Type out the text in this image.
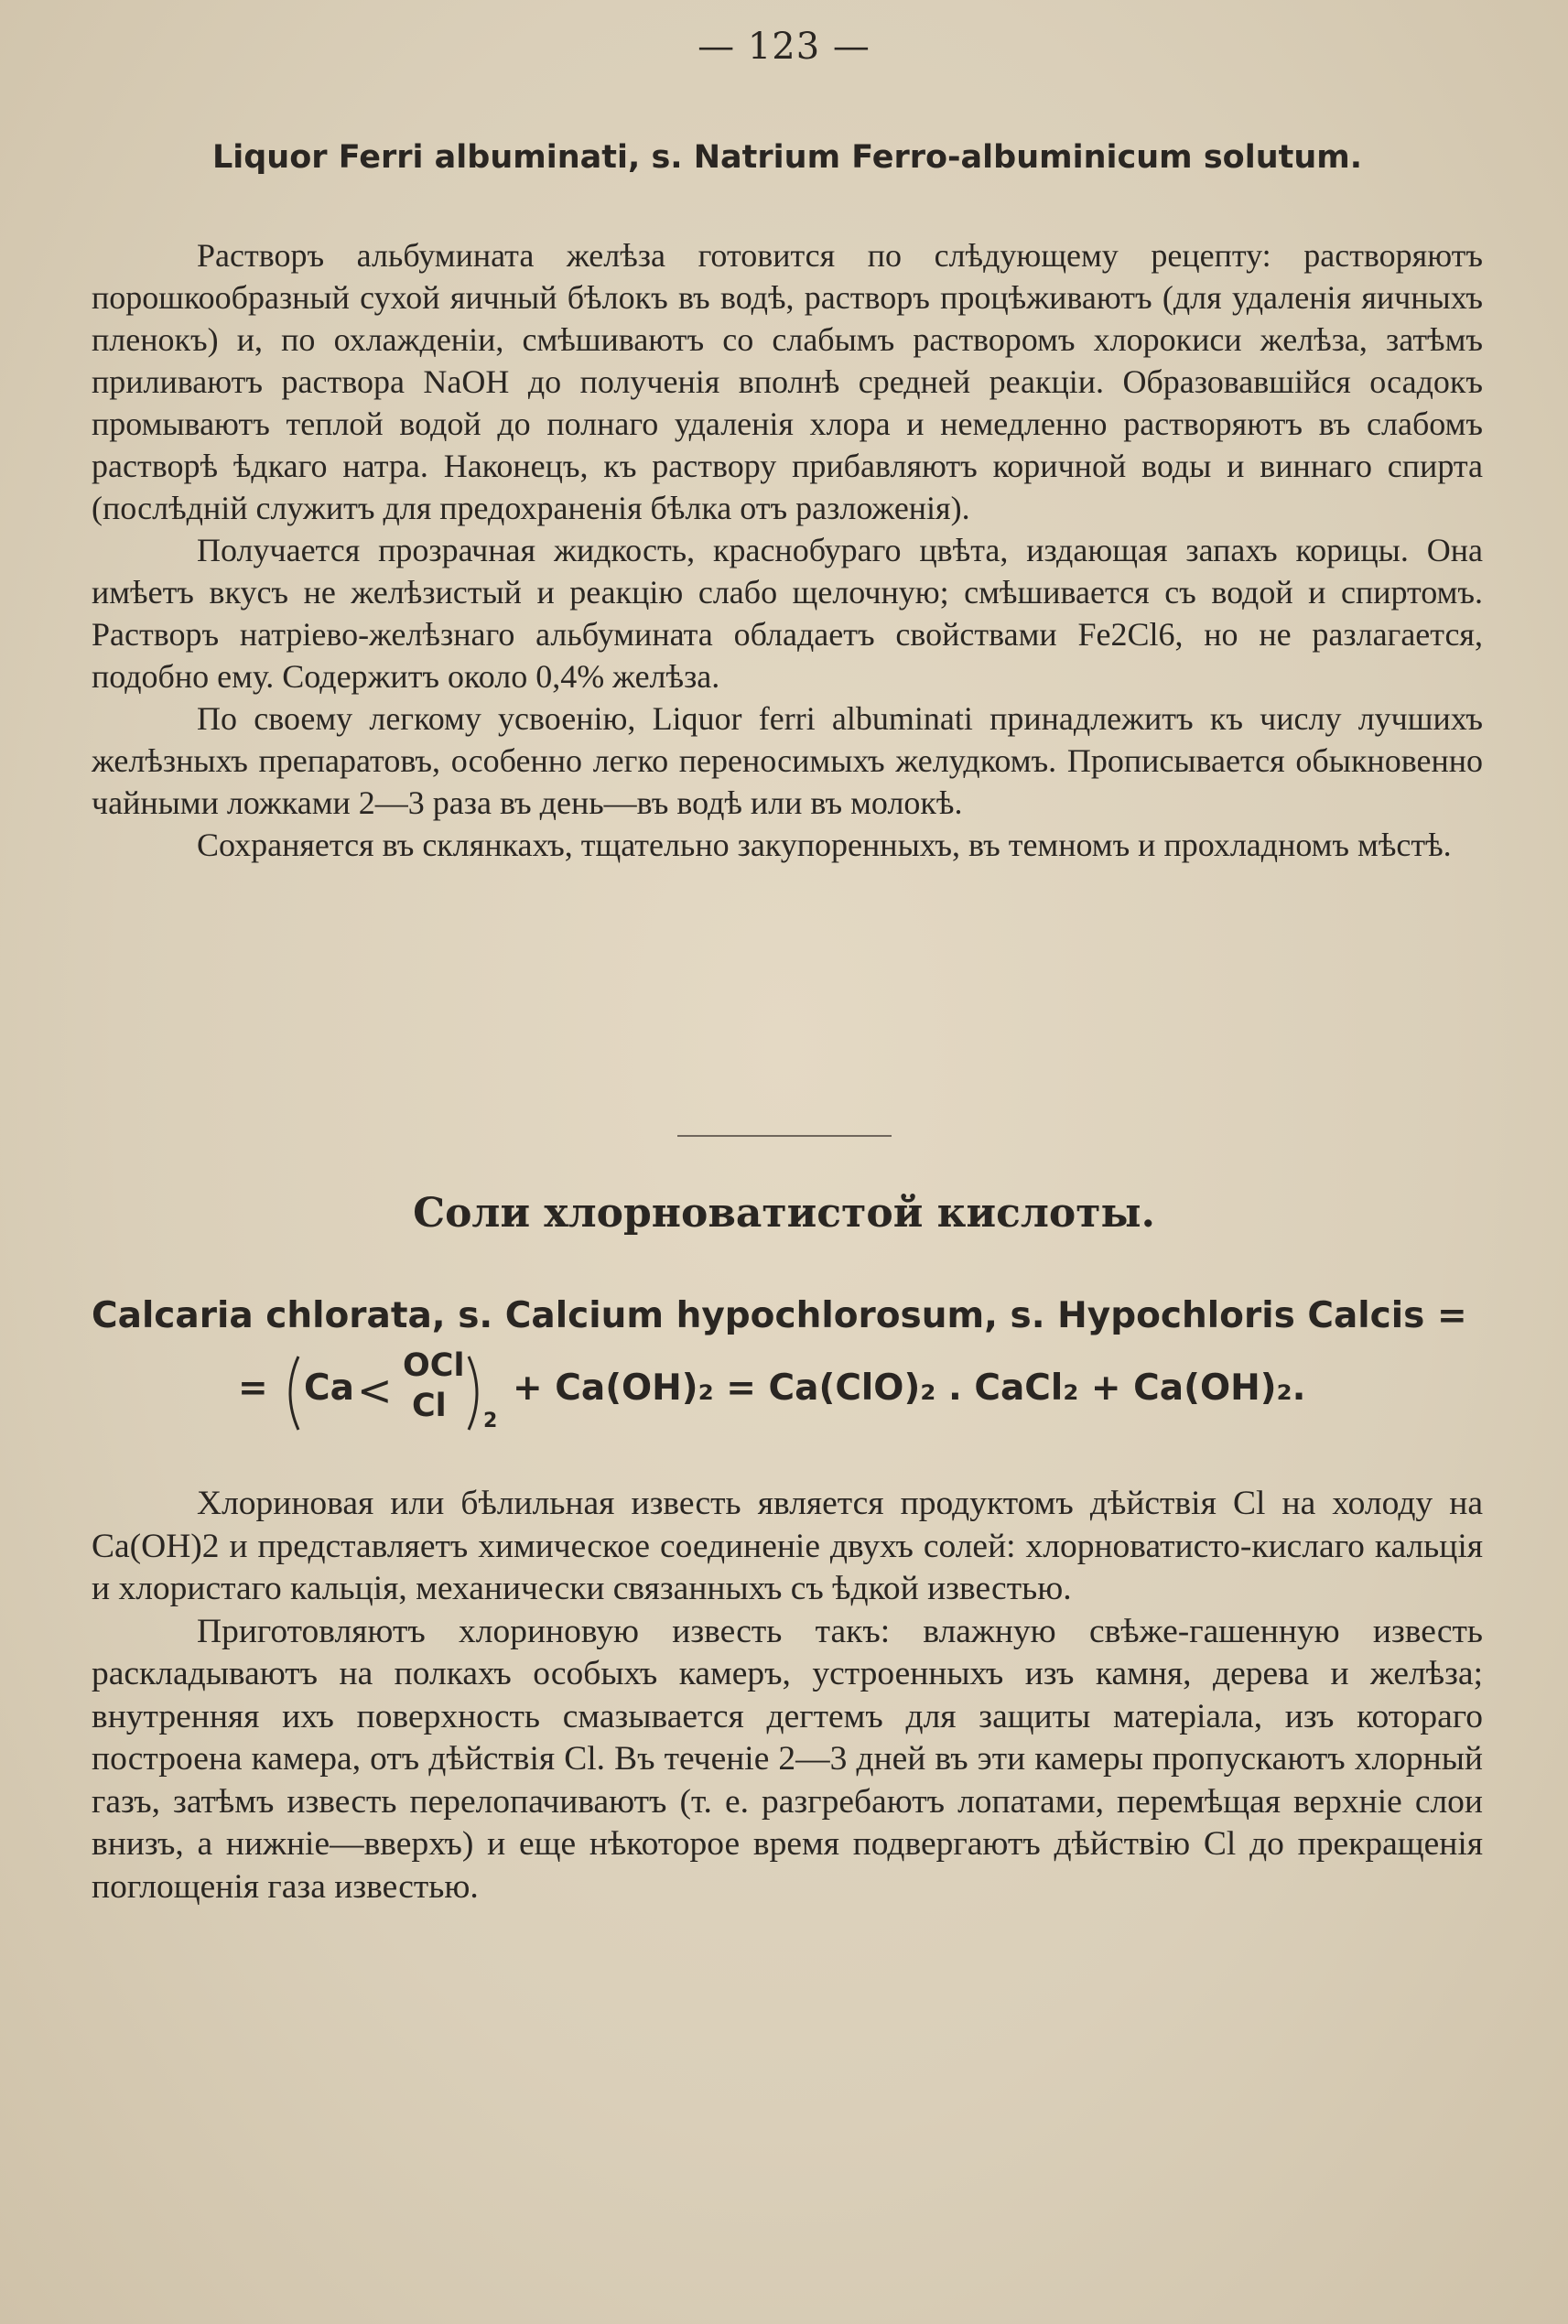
— 123 —
Liquor Ferri albuminati, s. Natrium Ferro-albuminicum solutum.

Растворъ альбумината желѣза готовится по слѣдующему рецепту: растворяютъ порошкообразный сухой яичный бѣлокъ въ водѣ, растворъ процѣживаютъ (для удаленія яичныхъ пленокъ) и, по охлажденіи, смѣшиваютъ со слабымъ растворомъ хлорокиси желѣза, затѣмъ приливаютъ раствора NaOH до полученія вполнѣ средней реакціи. Образовавшійся осадокъ промываютъ теплой водой до полнаго удаленія хлора и немедленно растворяютъ въ слабомъ растворѣ ѣдкаго натра. Наконецъ, къ раствору прибавляютъ коричной воды и виннаго спирта (послѣдній служитъ для предохраненія бѣлка отъ разложенія).

Получается прозрачная жидкость, краснобураго цвѣта, издающая запахъ корицы. Она имѣетъ вкусъ не желѣзистый и реакцію слабо щелочную; смѣшивается съ водой и спиртомъ. Растворъ натріево-желѣзнаго альбумината обладаетъ свойствами Fe2Cl6, но не разлагается, подобно ему. Содержитъ около 0,4% желѣза.

По своему легкому усвоенію, Liquor ferri albuminati принадлежитъ къ числу лучшихъ желѣзныхъ препаратовъ, особенно легко переносимыхъ желудкомъ. Прописывается обыкновенно чайными ложками 2—3 раза въ день—въ водѣ или въ молокѣ.

Сохраняется въ склянкахъ, тщательно закупоренныхъ, въ темномъ и прохладномъ мѣстѣ.

Соли хлорноватистой кислоты.
Calcaria chlorata, s. Calcium hypochlorosum, s. Hypochloris Calcis =
= Ca < OCl
Cl 2
+ Ca(OH)₂ = Ca(ClO)₂ . CaCl₂ + Ca(OH)₂.

Хлориновая или бѣлильная известь является продуктомъ дѣйствія Cl на холоду на Ca(OH)2 и представляетъ химическое соединеніе двухъ солей: хлорноватисто-кислаго кальція и хлористаго кальція, механически связанныхъ съ ѣдкой известью.

Приготовляютъ хлориновую известь такъ: влажную свѣже-гашенную известь раскладываютъ на полкахъ особыхъ камеръ, устроенныхъ изъ камня, дерева и желѣза; внутренняя ихъ поверхность смазывается дегтемъ для защиты матеріала, изъ котораго построена камера, отъ дѣйствія Cl. Въ теченіе 2—3 дней въ эти камеры пропускаютъ хлорный газъ, затѣмъ известь перелопачиваютъ (т. е. разгребаютъ лопатами, перемѣщая верхніе слои внизъ, а нижніе—вверхъ) и еще нѣкоторое время подвергаютъ дѣйствію Cl до прекращенія поглощенія газа известью.
